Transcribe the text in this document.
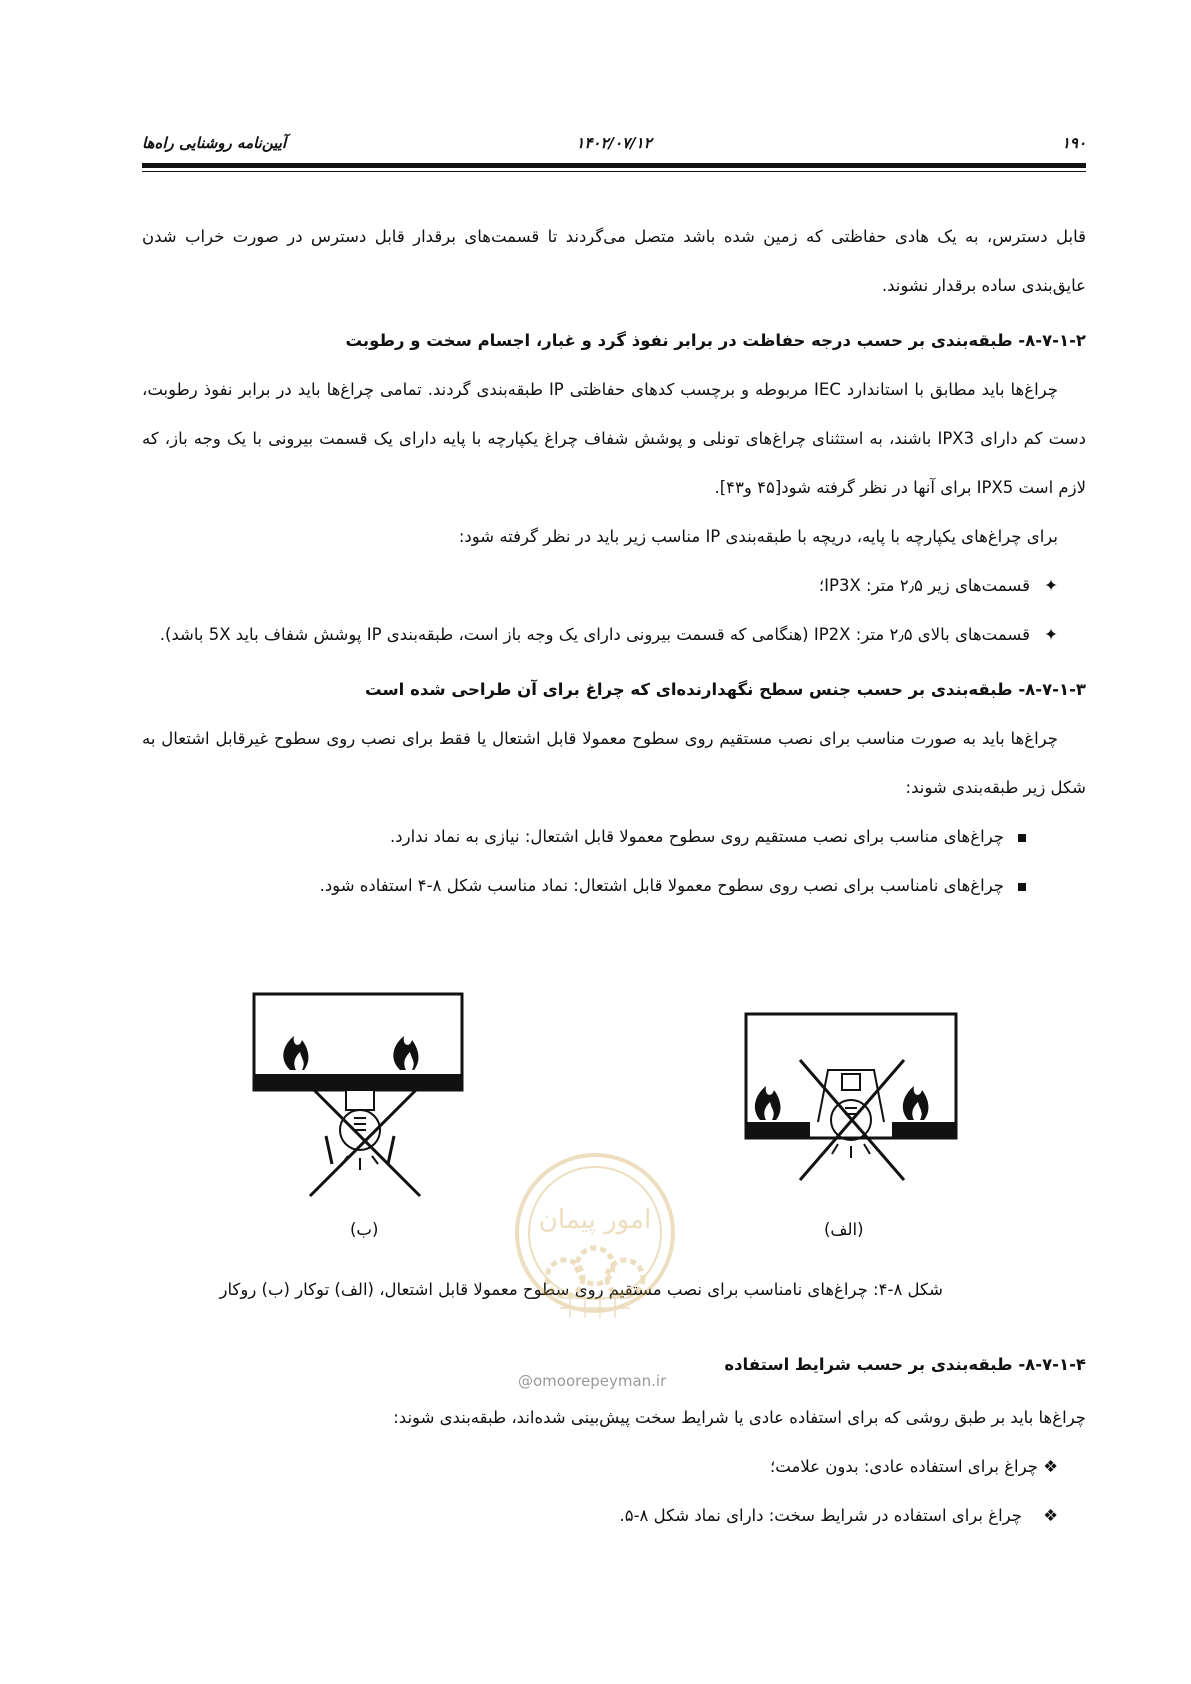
۱۹۰
۱۴۰۲/۰۷/۱۲
آیین‌نامه روشنایی راه‌ها

قابل دسترس، به یک هادی حفاظتی که زمین شده باشد متصل می‌گردند تا قسمت‌های برقدار قابل دسترس در صورت خراب شدن عایق‌بندی ساده برقدار نشوند.

۸-۷-۱-۲- طبقه‌بندی بر حسب درجه حفاظت در برابر نفوذ گرد و غبار، اجسام سخت و رطوبت

چراغ‌ها باید مطابق با استاندارد IEC مربوطه و برچسب کدهای حفاظتی IP طبقه‌بندی گردند. تمامی چراغ‌ها باید در برابر نفوذ رطوبت، دست کم دارای IPX3 باشند، به استثنای چراغ‌های تونلی و پوشش شفاف چراغ یکپارچه با پایه دارای یک قسمت بیرونی با یک وجه باز، که لازم است IPX5 برای آنها در نظر گرفته شود[۴۵ و۴۳].

برای چراغ‌های یکپارچه با پایه، دریچه با طبقه‌بندی IP مناسب زیر باید در نظر گرفته شود:

✦قسمت‌های زیر ۲٫۵ متر: IP3X؛

✦قسمت‌های بالای ۲٫۵ متر: IP2X (هنگامی که قسمت بیرونی دارای یک وجه باز است، طبقه‌بندی IP پوشش شفاف باید 5X باشد).

۸-۷-۱-۳- طبقه‌بندی بر حسب جنس سطح نگهدارنده‌ای که چراغ برای آن طراحی شده است

چراغ‌ها باید به صورت مناسب برای نصب مستقیم روی سطوح معمولا قابل اشتعال یا فقط برای نصب روی سطوح غیرقابل اشتعال به شکل زیر طبقه‌بندی شوند:

چراغ‌های مناسب برای نصب مستقیم روی سطوح معمولا قابل اشتعال: نیازی به نماد ندارد.

چراغ‌های نامناسب برای نصب روی سطوح معمولا قابل اشتعال: نماد مناسب شکل ۸-۴ استفاده شود.

(ب)	(الف)
شکل ۸-۴: چراغ‌های نامناسب برای نصب مستقیم روی سطوح معمولا قابل اشتعال، (الف) توکار (ب) روکار
۸-۷-۱-۴- طبقه‌بندی بر حسب شرایط استفاده

چراغ‌ها باید بر طبق روشی که برای استفاده عادی یا شرایط سخت پیش‌بینی شده‌اند، طبقه‌بندی شوند:

❖ چراغ برای استفاده عادی: بدون علامت؛

❖ چراغ برای استفاده در شرایط سخت: دارای نماد شکل ۸-۵.

امور پیمان
@omoorepeyman.ir
